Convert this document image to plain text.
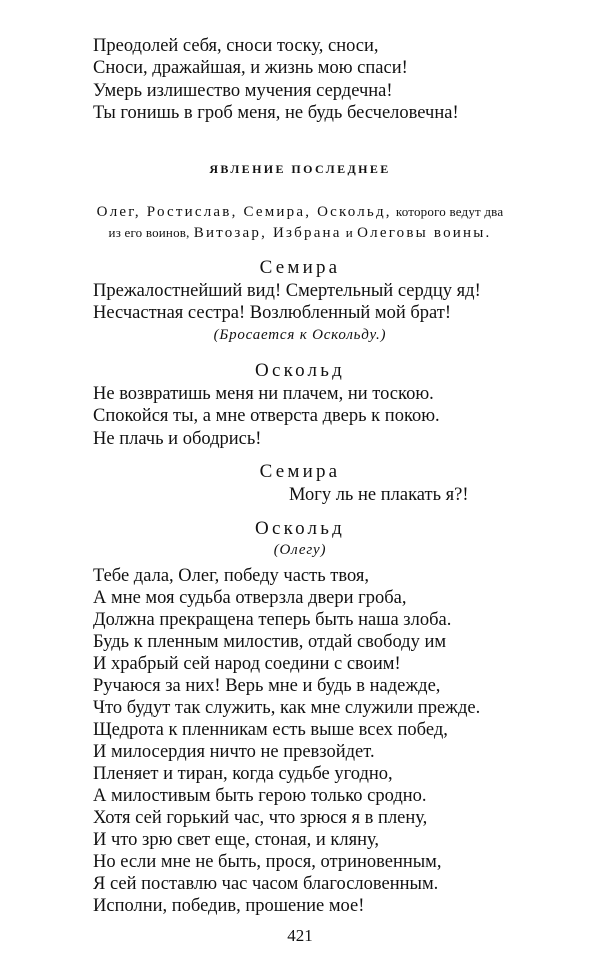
Преодолей себя, сноси тоску, сноси,
Сноси, дражайшая, и жизнь мою спаси!
Умерь излишество мучения сердечна!
Ты гонишь в гроб меня, не будь бесчеловечна!
ЯВЛЕНИЕ ПОСЛЕДНЕЕ
Олег, Ростислав, Семира, Оскольд, которого ведут два
из его воинов, Витозар, Избрана и Олеговы воины.
Семира
Прежалостнейший вид! Смертельный сердцу яд!
Несчастная сестра! Возлюбленный мой брат!
(Бросается к Оскольду.)
Оскольд
Не возвратишь меня ни плачем, ни тоскою.
Спокойся ты, а мне отверста дверь к покою.
Не плачь и ободрись!
Семира
Могу ль не плакать я?!
Оскольд
(Олегу)
Тебе дала, Олег, победу часть твоя,
А мне моя судьба отверзла двери гроба,
Должна прекращена теперь быть наша злоба.
Будь к пленным милостив, отдай свободу им
И храбрый сей народ соедини с своим!
Ручаюся за них! Верь мне и будь в надежде,
Что будут так служить, как мне служили прежде.
Щедрота к пленникам есть выше всех побед,
И милосердия ничто не превзойдет.
Пленяет и тиран, когда судьбе угодно,
А милостивым быть герою только сродно.
Хотя сей горький час, что зрюся я в плену,
И что зрю свет еще, стоная, и кляну,
Но если мне не быть, прося, отриновенным,
Я сей поставлю час часом благословенным.
Исполни, победив, прошение мое!
421
